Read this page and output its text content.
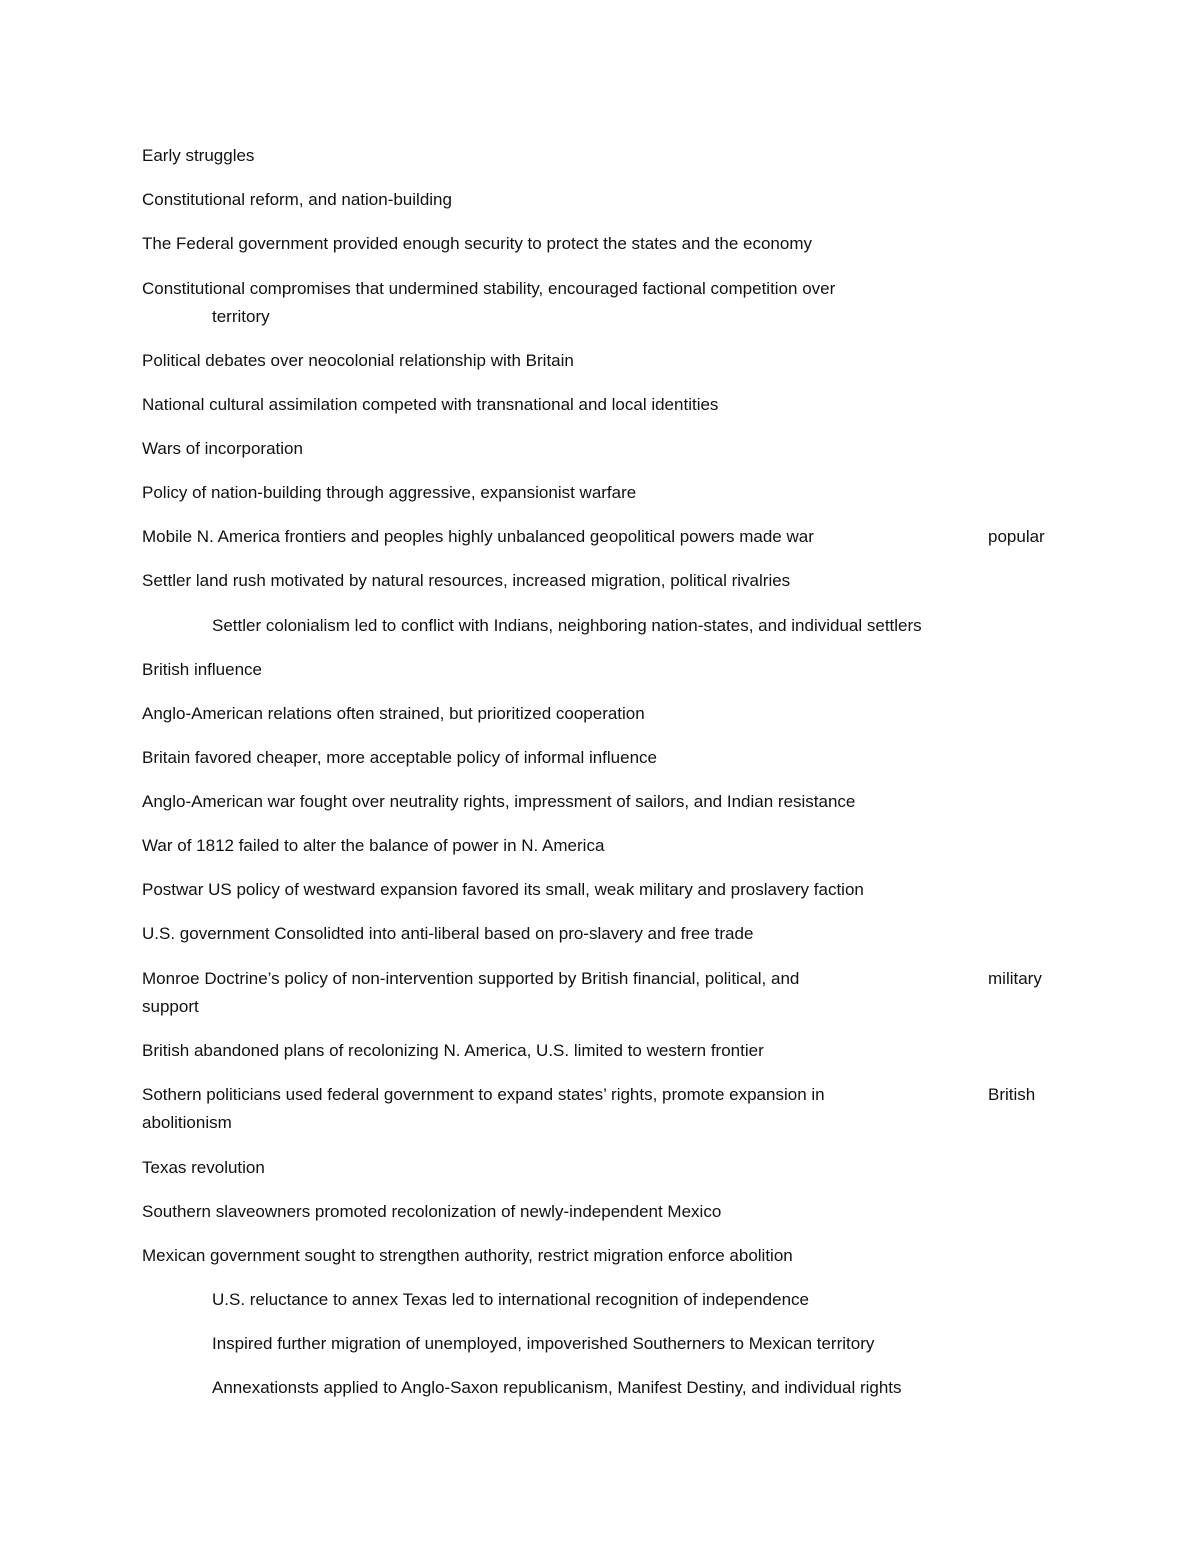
Early struggles
Constitutional reform, and nation-building
The Federal government provided enough security to protect the states and the economy
Constitutional compromises that undermined stability, encouraged factional competition over
territory
Political debates over neocolonial relationship with Britain
National cultural assimilation competed with transnational and local identities
Wars of incorporation
Policy of nation-building through aggressive, expansionist warfare
Mobile N. America frontiers and peoples highly unbalanced geopolitical powers made war	popular
Settler land rush motivated by natural resources, increased migration, political rivalries
Settler colonialism led to conflict with Indians, neighboring nation-states, and individual settlers
British influence
Anglo-American relations often strained, but prioritized cooperation
Britain favored cheaper, more acceptable policy of informal influence
Anglo-American war fought over neutrality rights, impressment of sailors, and Indian resistance
War of 1812 failed to alter the balance of power in N. America
Postwar US policy of westward expansion favored its small, weak military and proslavery faction
U.S. government Consolidted into anti-liberal based on pro-slavery and free trade
Monroe Doctrine’s policy of non-intervention supported by British financial, political, and	military
support
British abandoned plans of recolonizing N. America, U.S. limited to western frontier
Sothern politicians used federal government to expand states’ rights, promote expansion in	British
abolitionism
Texas revolution
Southern slaveowners promoted recolonization of newly-independent Mexico
Mexican government sought to strengthen authority, restrict migration enforce abolition
U.S. reluctance to annex Texas led to international recognition of independence
Inspired further migration of unemployed, impoverished Southerners to Mexican territory
Annexationsts applied to Anglo-Saxon republicanism, Manifest Destiny, and individual rights
